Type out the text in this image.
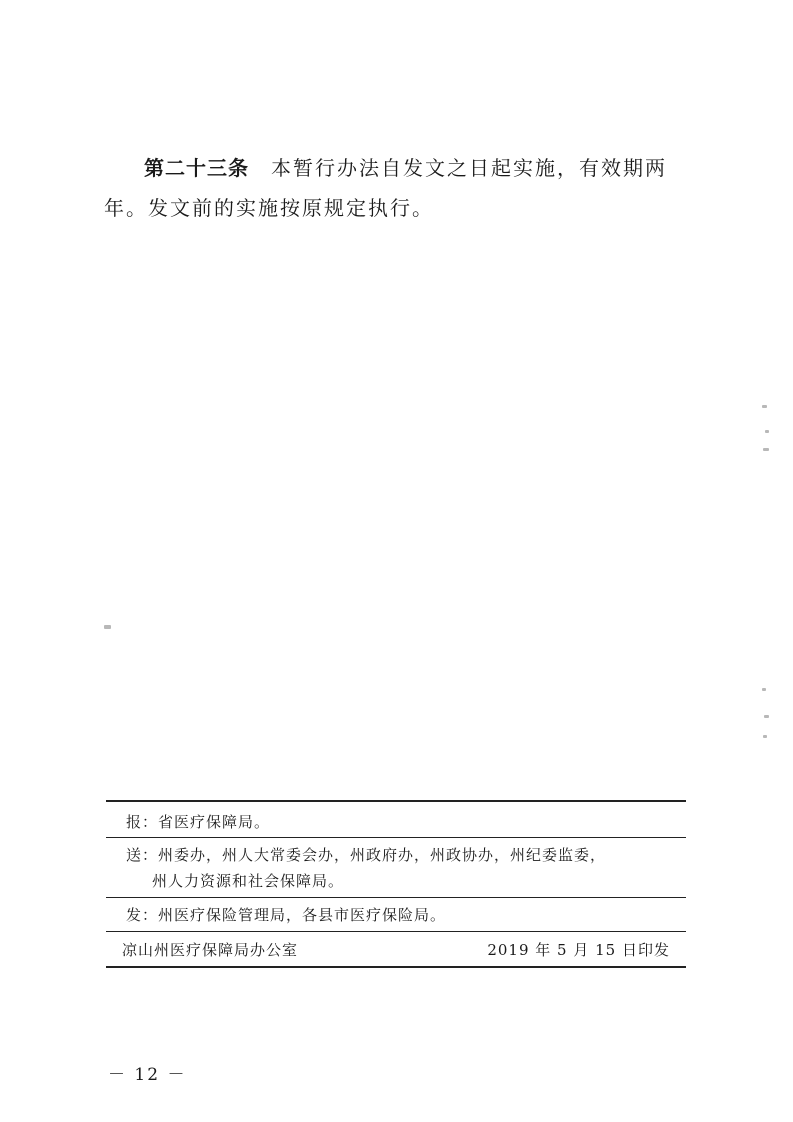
第二十三条 本暂行办法自发文之日起实施，有效期两年。发文前的实施按原规定执行。

报：省医疗保障局。
送：州委办，州人大常委会办，州政府办，州政协办，州纪委监委，
州人力资源和社会保障局。
发：州医疗保险管理局，各县市医疗保险局。
凉山州医疗保障局办公室	2019 年 5 月 15 日印发
－ 12 －
